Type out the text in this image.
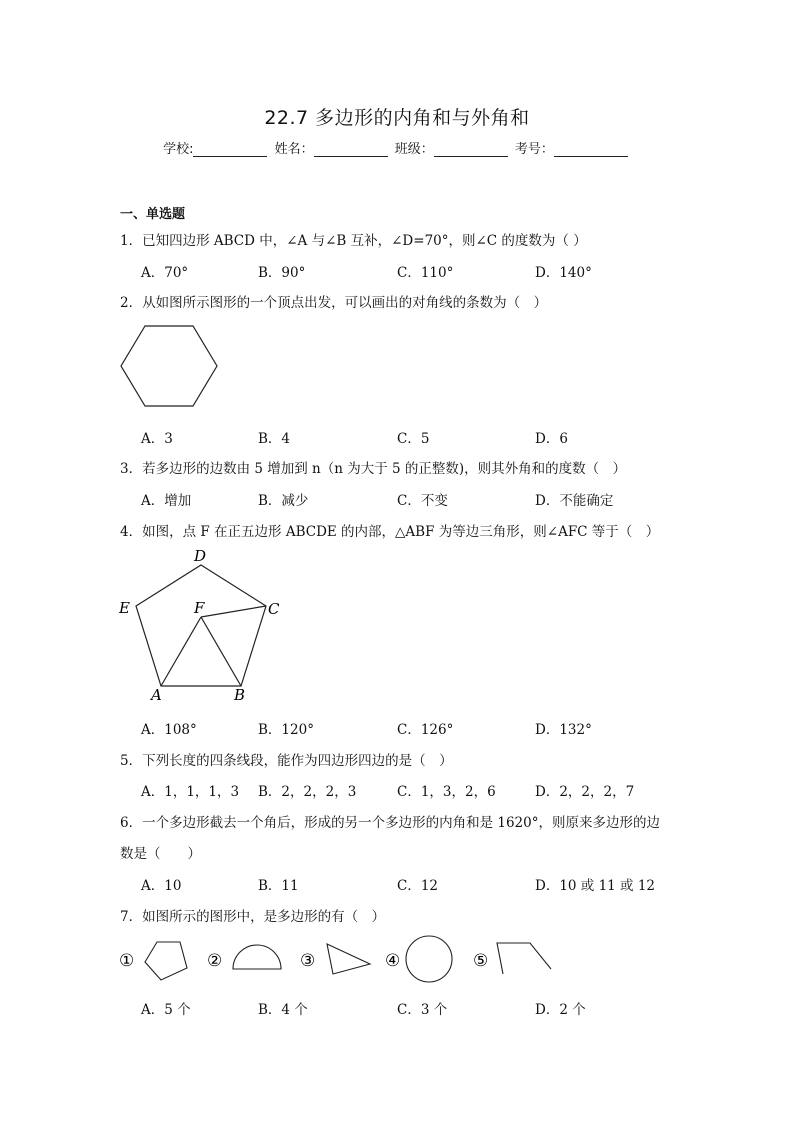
22.7 多边形的内角和与外角和
学校:	姓名：	班级：	考号：
一、单选题
1．已知四边形 ABCD 中，∠A 与∠B 互补，∠D=70°，则∠C 的度数为（ ）
A．70°	B．90°	C．110°	D．140°
2．从如图所示图形的一个顶点出发，可以画出的对角线的条数为（　）
A．3	B．4	C．5	D．6
3．若多边形的边数由 5 增加到 n（n 为大于 5 的正整数)，则其外角和的度数（　）
A．增加	B．减少	C．不变	D．不能确定
4．如图，点 F 在正五边形 ABCDE 的内部，△ABF 为等边三角形，则∠AFC 等于（　）
D
E	F	C
A	B
A．108°	B．120°	C．126°	D．132°
5．下列长度的四条线段，能作为四边形四边的是（　）
A．1，1，1，3 B．2，2，2，3	C．1，3，2，6	D．2，2，2，7
6．一个多边形截去一个角后，形成的另一个多边形的内角和是 1620°，则原来多边形的边
数是（　　）
A．10	B．11	C．12	D．10 或 11 或 12
7．如图所示的图形中，是多边形的有（　）
①	②	③	④	⑤
A．5 个	B．4 个	C．3 个	D．2 个
